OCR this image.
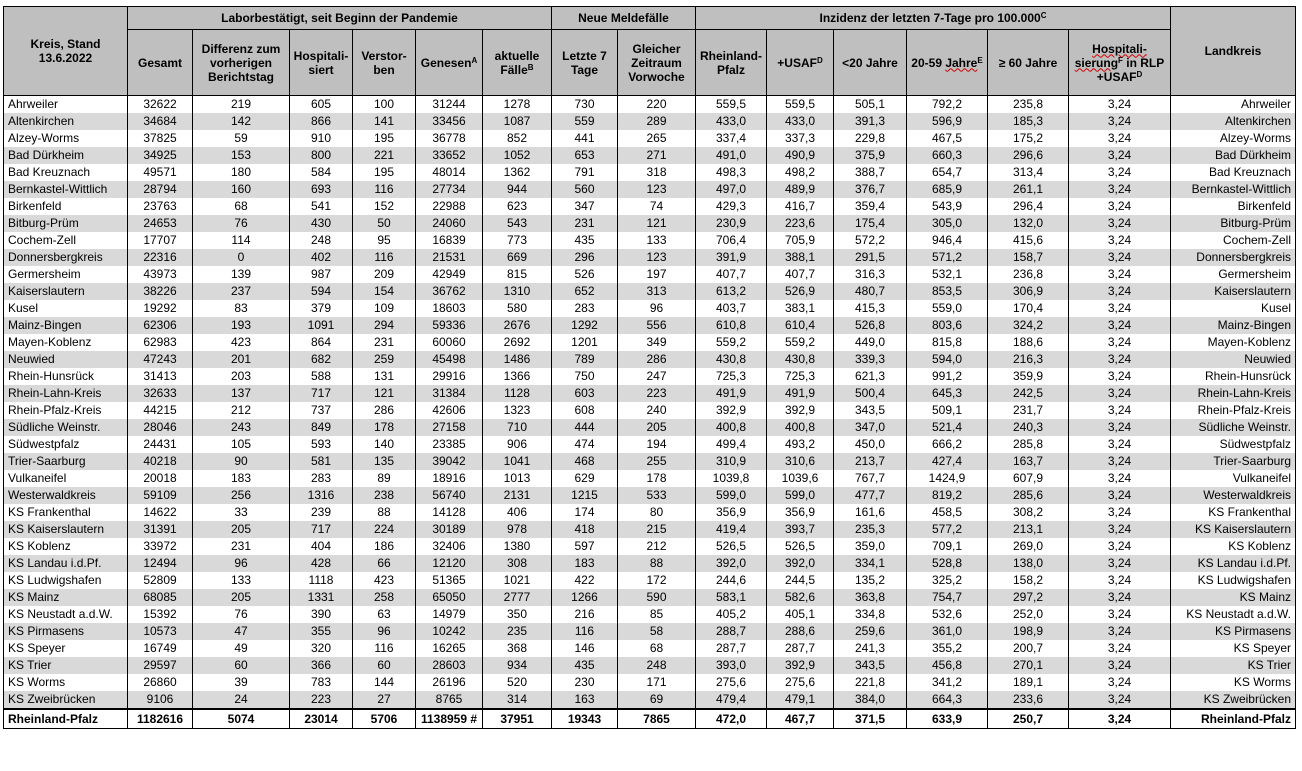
Kreis, Stand 13.6.2022	Laborbestätigt, seit Beginn der Pandemie						Neue Meldefälle		Inzidenz der letzten 7-Tage pro $100.000^C$						Landkreis
	Gesamt	Differenz zum vorherigen Berichtstag	Hospitali-siert	Verstor-ben	Genesen$^A$	aktuelle Fälle$^B$	Letzte 7 Tage	Gleicher Zeitraum Vorwoche	Rheinland-Pfalz	$+USAF^D$	<20 Jahre	20-59 Jahre$^E$	≥ 60 Jahre	Hospitali-sierung$^F$ in RLP $+USAF^D$
Ahrweiler	32622	219	605	100	31244	1278	730	220	559,5	559,5	505,1	792,2	235,8	3,24	Ahrweiler
Altenkirchen	34684	142	866	141	33456	1087	559	289	433,0	433,0	391,3	596,9	185,3	3,24	Altenkirchen
Alzey-Worms	37825	59	910	195	36778	852	441	265	337,4	337,3	229,8	467,5	175,2	3,24	Alzey-Worms
Bad Dürkheim	34925	153	800	221	33652	1052	653	271	491,0	490,9	375,9	660,3	296,6	3,24	Bad Dürkheim
Bad Kreuznach	49571	180	584	195	48014	1362	791	318	498,3	498,2	388,7	654,7	313,4	3,24	Bad Kreuznach
Bernkastel-Wittlich	28794	160	693	116	27734	944	560	123	497,0	489,9	376,7	685,9	261,1	3,24	Bernkastel-Wittlich
Birkenfeld	23763	68	541	152	22988	623	347	74	429,3	416,7	359,4	543,9	296,4	3,24	Birkenfeld
Bitburg-Prüm	24653	76	430	50	24060	543	231	121	230,9	223,6	175,4	305,0	132,0	3,24	Bitburg-Prüm
Cochem-Zell	17707	114	248	95	16839	773	435	133	706,4	705,9	572,2	946,4	415,6	3,24	Cochem-Zell
Donnersbergkreis	22316	0	402	116	21531	669	296	123	391,9	388,1	291,5	571,2	158,7	3,24	Donnersbergkreis
Germersheim	43973	139	987	209	42949	815	526	197	407,7	407,7	316,3	532,1	236,8	3,24	Germersheim
Kaiserslautern	38226	237	594	154	36762	1310	652	313	613,2	526,9	480,7	853,5	306,9	3,24	Kaiserslautern
Kusel	19292	83	379	109	18603	580	283	96	403,7	383,1	415,3	559,0	170,4	3,24	Kusel
Mainz-Bingen	62306	193	1091	294	59336	2676	1292	556	610,8	610,4	526,8	803,6	324,2	3,24	Mainz-Bingen
Mayen-Koblenz	62983	423	864	231	60060	2692	1201	349	559,2	559,2	449,0	815,8	188,6	3,24	Mayen-Koblenz
Neuwied	47243	201	682	259	45498	1486	789	286	430,8	430,8	339,3	594,0	216,3	3,24	Neuwied
Rhein-Hunsrück	31413	203	588	131	29916	1366	750	247	725,3	725,3	621,3	991,2	359,9	3,24	Rhein-Hunsrück
Rhein-Lahn-Kreis	32633	137	717	121	31384	1128	603	223	491,9	491,9	500,4	645,3	242,5	3,24	Rhein-Lahn-Kreis
Rhein-Pfalz-Kreis	44215	212	737	286	42606	1323	608	240	392,9	392,9	343,5	509,1	231,7	3,24	Rhein-Pfalz-Kreis
Südliche Weinstr.	28046	243	849	178	27158	710	444	205	400,8	400,8	347,0	521,4	240,3	3,24	Südliche Weinstr.
Südwestpfalz	24431	105	593	140	23385	906	474	194	499,4	493,2	450,0	666,2	285,8	3,24	Südwestpfalz
Trier-Saarburg	40218	90	581	135	39042	1041	468	255	310,9	310,6	213,7	427,4	163,7	3,24	Trier-Saarburg
Vulkaneifel	20018	183	283	89	18916	1013	629	178	1039,8	1039,6	767,7	1424,9	607,9	3,24	Vulkaneifel
Westerwaldkreis	59109	256	1316	238	56740	2131	1215	533	599,0	599,0	477,7	819,2	285,6	3,24	Westerwaldkreis
KS Frankenthal	14622	33	239	88	14128	406	174	80	356,9	356,9	161,6	458,5	308,2	3,24	KS Frankenthal
KS Kaiserslautern	31391	205	717	224	30189	978	418	215	419,4	393,7	235,3	577,2	213,1	3,24	KS Kaiserslautern
KS Koblenz	33972	231	404	186	32406	1380	597	212	526,5	526,5	359,0	709,1	269,0	3,24	KS Koblenz
KS Landau i.d.Pf.	12494	96	428	66	12120	308	183	88	392,0	392,0	334,1	528,8	138,0	3,24	KS Landau i.d.Pf.
KS Ludwigshafen	52809	133	1118	423	51365	1021	422	172	244,6	244,5	135,2	325,2	158,2	3,24	KS Ludwigshafen
KS Mainz	68085	205	1331	258	65050	2777	1266	590	583,1	582,6	363,8	754,7	297,2	3,24	KS Mainz
KS Neustadt a.d.W.	15392	76	390	63	14979	350	216	85	405,2	405,1	334,8	532,6	252,0	3,24	KS Neustadt a.d.W.
KS Pirmasens	10573	47	355	96	10242	235	116	58	288,7	288,6	259,6	361,0	198,9	3,24	KS Pirmasens
KS Speyer	16749	49	320	116	16265	368	146	68	287,7	287,7	241,3	355,2	200,7	3,24	KS Speyer
KS Trier	29597	60	366	60	28603	934	435	248	393,0	392,9	343,5	456,8	270,1	3,24	KS Trier
KS Worms	26860	39	783	144	26196	520	230	171	275,6	275,6	221,8	341,2	189,1	3,24	KS Worms
KS Zweibrücken	9106	24	223	27	8765	314	163	69	479,4	479,1	384,0	664,3	233,6	3,24	KS Zweibrücken
Rheinland-Pfalz	1182616	5074	23014	5706	1138959 #	37951	19343	7865	472,0	467,7	371,5	633,9	250,7	3,24	Rheinland-Pfalz
